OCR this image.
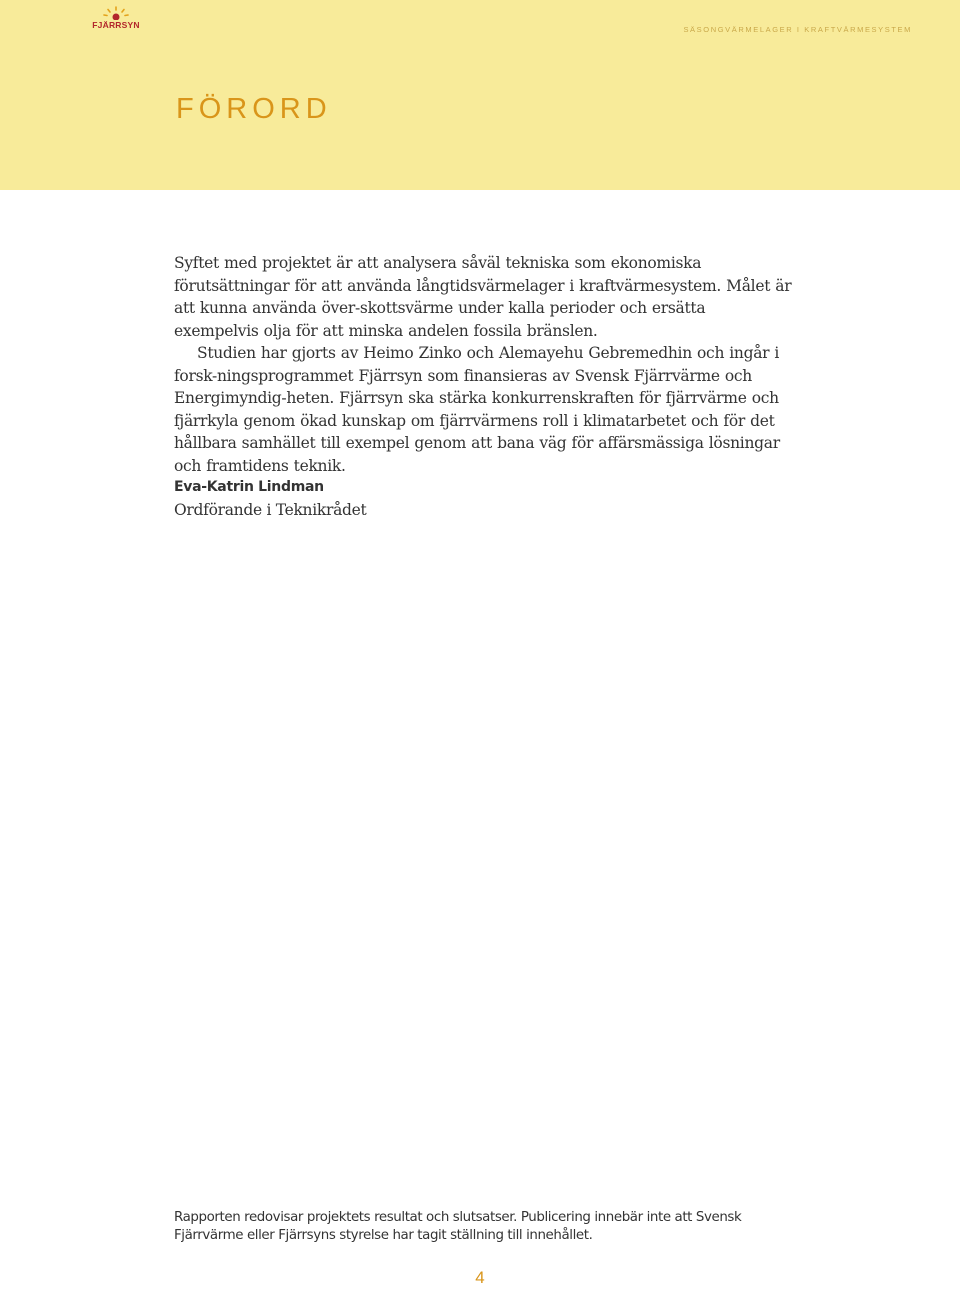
FJÄRRSYN	SÄSONGVÄRMELAGER I KRAFTVÄRMESYSTEM
FÖRORD

Syftet med projektet är att analysera såväl tekniska som ekonomiska förutsättningar för att använda långtidsvärmelager i kraftvärmesystem. Målet är att kunna använda över-skottsvärme under kalla perioder och ersätta exempelvis olja för att minska andelen fossila bränslen.

Studien har gjorts av Heimo Zinko och Alemayehu Gebremedhin och ingår i forsk-ningsprogrammet Fjärrsyn som finansieras av Svensk Fjärrvärme och Energimyndig-heten. Fjärrsyn ska stärka konkurrenskraften för fjärrvärme och fjärrkyla genom ökad kunskap om fjärrvärmens roll i klimatarbetet och för det hållbara samhället till exempel genom att bana väg för affärsmässiga lösningar och framtidens teknik.

Eva-Katrin Lindman
Ordförande i Teknikrådet
Rapporten redovisar projektets resultat och slutsatser. Publicering innebär inte att Svensk Fjärrvärme eller Fjärrsyns styrelse har tagit ställning till innehållet.
4
